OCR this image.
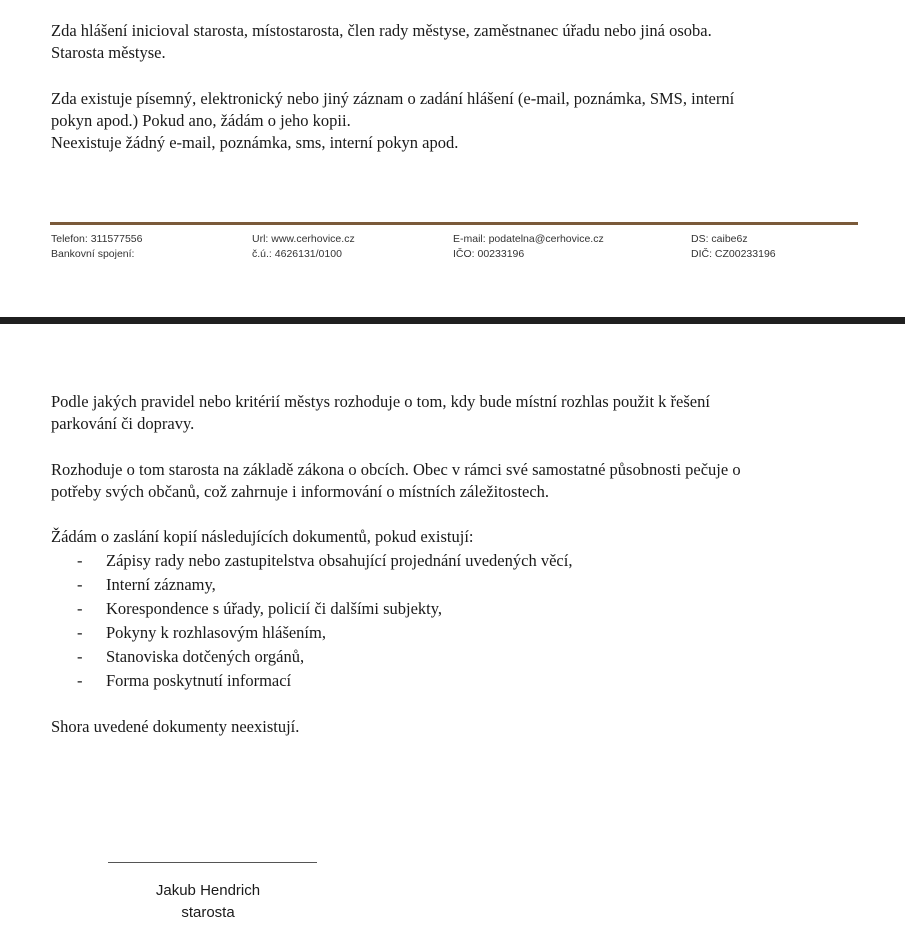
Zda hlášení inicioval starosta, místostarosta, člen rady městyse, zaměstnanec úřadu nebo jiná osoba.

Starosta městyse.

Zda existuje písemný, elektronický nebo jiný záznam o zadání hlášení (e-mail, poznámka, SMS, interní

pokyn apod.) Pokud ano, žádám o jeho kopii.

Neexistuje žádný e-mail, poznámka, sms, interní pokyn apod.

Telefon: 311577556
Bankovní spojení:
Url: www.cerhovice.cz
č.ú.: 4626131/0100
E-mail: podatelna@cerhovice.cz
IČO: 00233196
DS: caibe6z
DIČ: CZ00233196

Podle jakých pravidel nebo kritérií městys rozhoduje o tom, kdy bude místní rozhlas použit k řešení

parkování či dopravy.

Rozhoduje o tom starosta na základě zákona o obcích. Obec v rámci své samostatné působnosti pečuje o

potřeby svých občanů, což zahrnuje i informování o místních záležitostech.

Žádám o zaslání kopií následujících dokumentů, pokud existují:

- Zápisy rady nebo zastupitelstva obsahující projednání uvedených věcí,
- Interní záznamy,
- Korespondence s úřady, policií či dalšími subjekty,
- Pokyny k rozhlasovým hlášením,
- Stanoviska dotčených orgánů,
- Forma poskytnutí informací

Shora uvedené dokumenty neexistují.

Jakub Hendrich
starosta
